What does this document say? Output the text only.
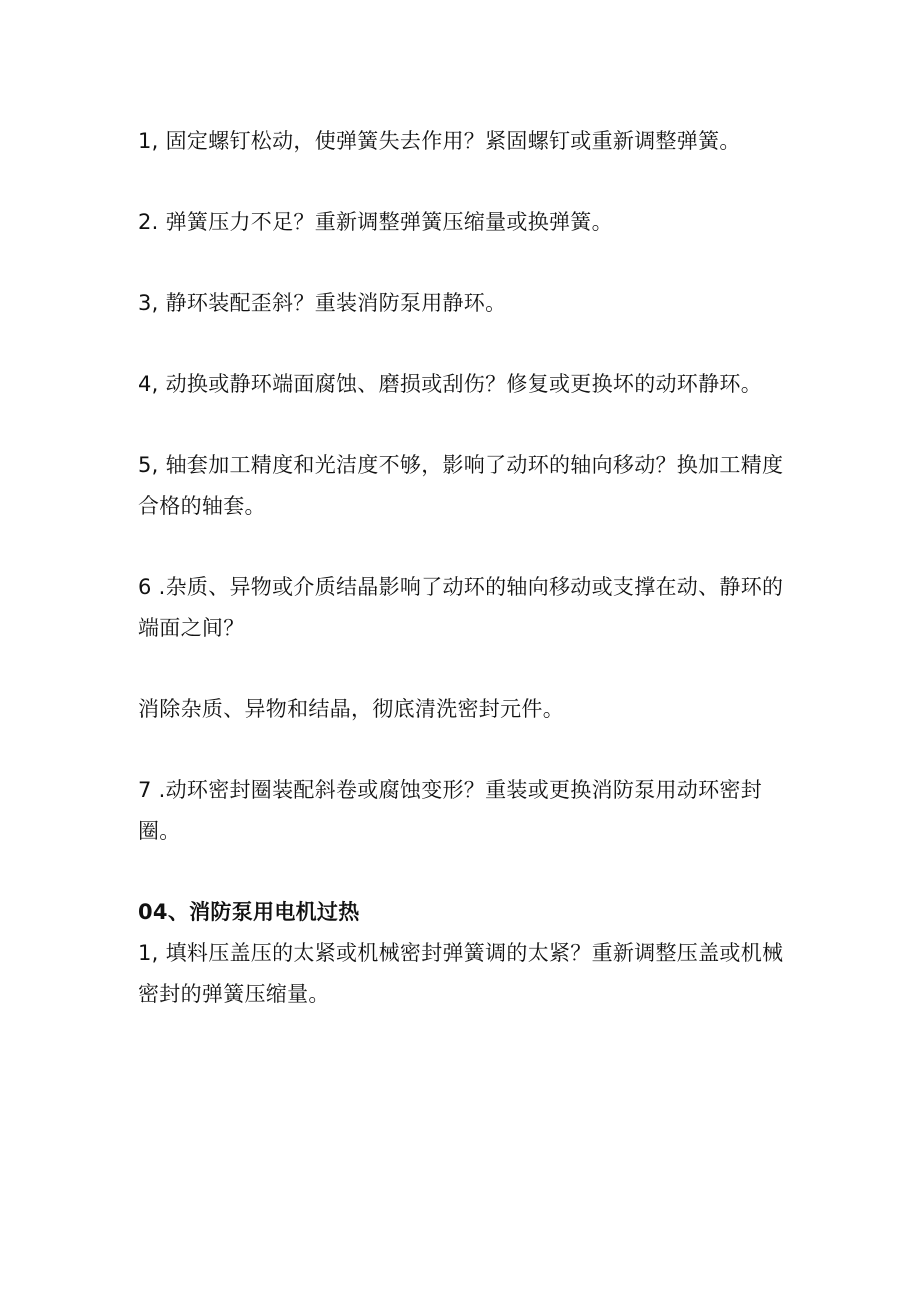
1, 固定螺钉松动，使弹簧失去作用？紧固螺钉或重新调整弹簧。

2. 弹簧压力不足？重新调整弹簧压缩量或换弹簧。

3, 静环装配歪斜？重装消防泵用静环。

4, 动换或静环端面腐蚀、磨损或刮伤？修复或更换坏的动环静环。

5, 轴套加工精度和光洁度不够，影响了动环的轴向移动？换加工精度合格的轴套。

6 .杂质、异物或介质结晶影响了动环的轴向移动或支撑在动、静环的端面之间？

消除杂质、异物和结晶，彻底清洗密封元件。

7 .动环密封圈装配斜卷或腐蚀变形？重装或更换消防泵用动环密封圈。

04、消防泵用电机过热

1, 填料压盖压的太紧或机械密封弹簧调的太紧？重新调整压盖或机械密封的弹簧压缩量。
